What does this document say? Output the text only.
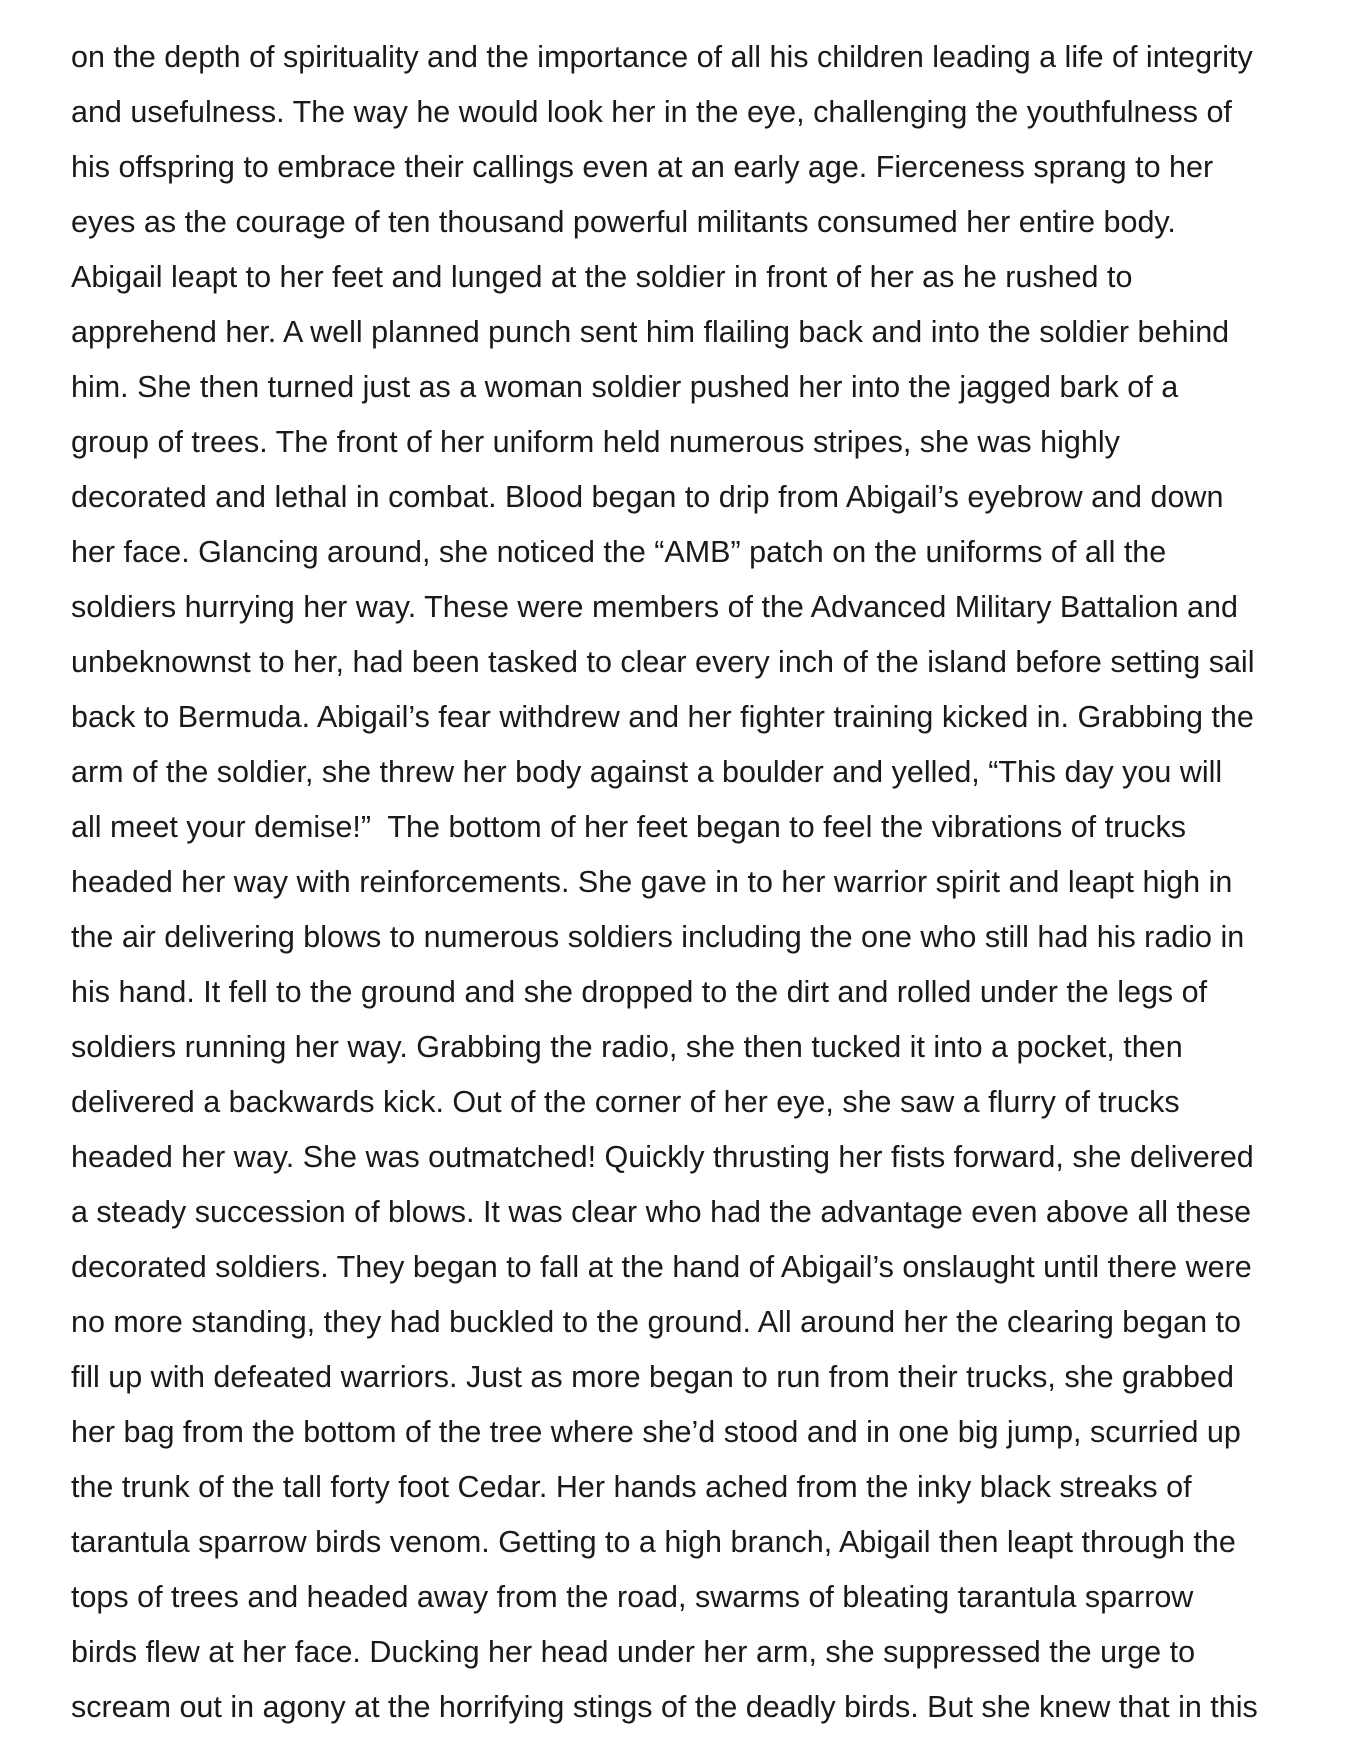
on the depth of spirituality and the importance of all his children leading a life of integrity
and usefulness. The way he would look her in the eye, challenging the youthfulness of
his offspring to embrace their callings even at an early age. Fierceness sprang to her
eyes as the courage of ten thousand powerful militants consumed her entire body.
Abigail leapt to her feet and lunged at the soldier in front of her as he rushed to
apprehend her. A well planned punch sent him flailing back and into the soldier behind
him. She then turned just as a woman soldier pushed her into the jagged bark of a
group of trees. The front of her uniform held numerous stripes, she was highly
decorated and lethal in combat. Blood began to drip from Abigail’s eyebrow and down
her face. Glancing around, she noticed the “AMB” patch on the uniforms of all the
soldiers hurrying her way. These were members of the Advanced Military Battalion and
unbeknownst to her, had been tasked to clear every inch of the island before setting sail
back to Bermuda. Abigail’s fear withdrew and her fighter training kicked in. Grabbing the
arm of the soldier, she threw her body against a boulder and yelled, “This day you will
all meet your demise!”  The bottom of her feet began to feel the vibrations of trucks
headed her way with reinforcements. She gave in to her warrior spirit and leapt high in
the air delivering blows to numerous soldiers including the one who still had his radio in
his hand. It fell to the ground and she dropped to the dirt and rolled under the legs of
soldiers running her way. Grabbing the radio, she then tucked it into a pocket, then
delivered a backwards kick. Out of the corner of her eye, she saw a flurry of trucks
headed her way. She was outmatched! Quickly thrusting her fists forward, she delivered
a steady succession of blows. It was clear who had the advantage even above all these
decorated soldiers. They began to fall at the hand of Abigail’s onslaught until there were
no more standing, they had buckled to the ground. All around her the clearing began to
fill up with defeated warriors. Just as more began to run from their trucks, she grabbed
her bag from the bottom of the tree where she’d stood and in one big jump, scurried up
the trunk of the tall forty foot Cedar. Her hands ached from the inky black streaks of
tarantula sparrow birds venom. Getting to a high branch, Abigail then leapt through the
tops of trees and headed away from the road, swarms of bleating tarantula sparrow
birds flew at her face. Ducking her head under her arm, she suppressed the urge to
scream out in agony at the horrifying stings of the deadly birds. But she knew that in this
